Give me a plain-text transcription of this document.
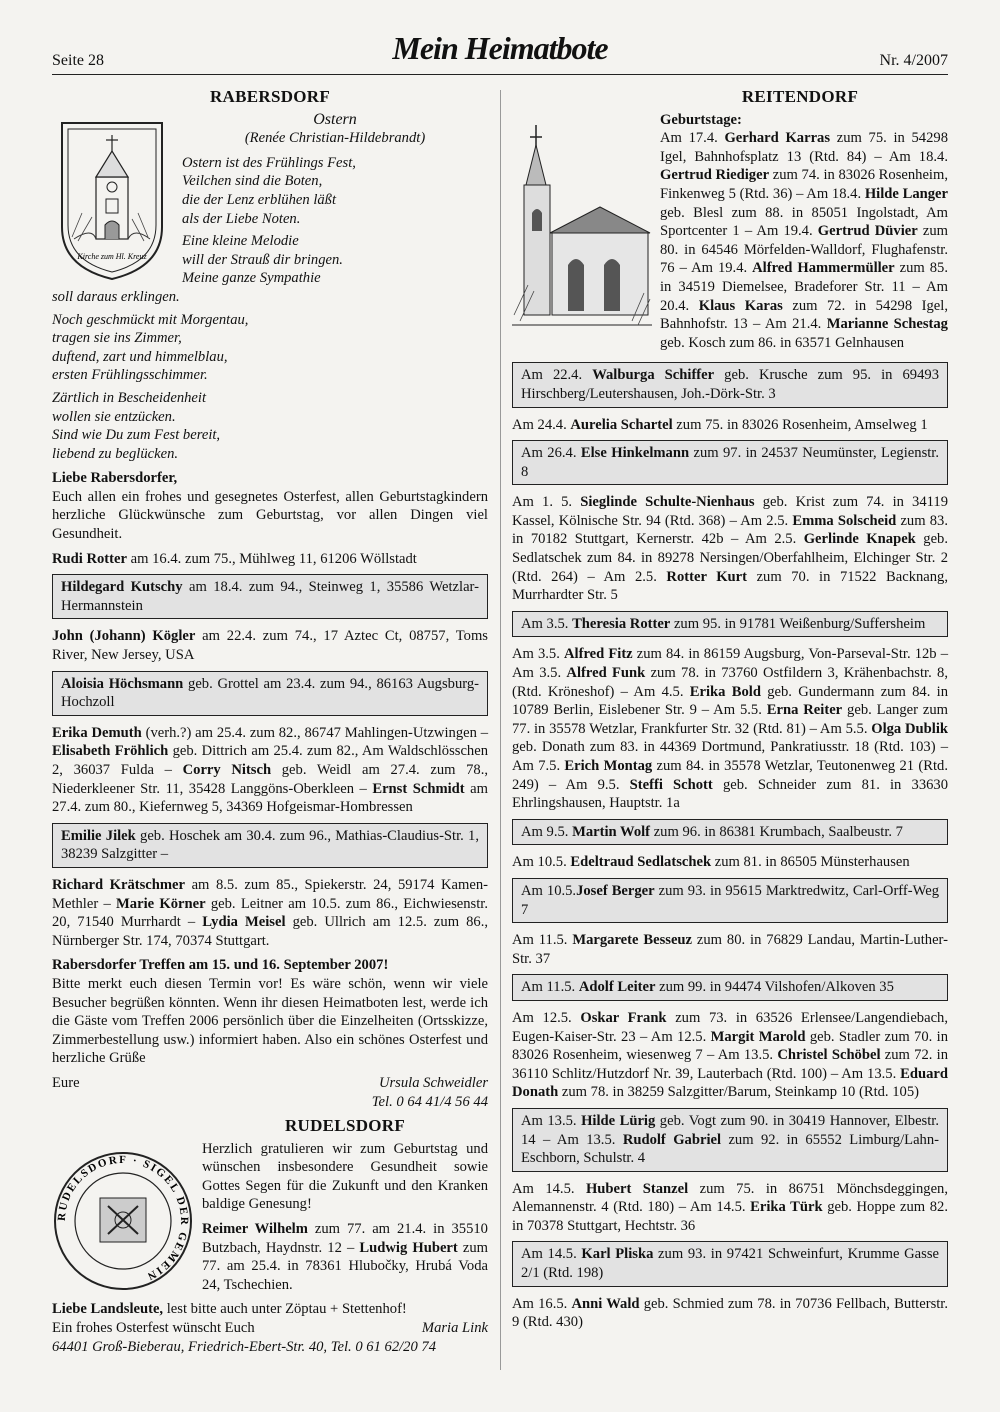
Seite 28	Mein Heimatbote	Nr. 4/2007
RABERSDORF
Kirche zum Hl. Kreuz

Ostern

(Renée Christian-Hildebrandt)

Ostern ist des Frühlings Fest,
Veilchen sind die Boten,
die der Lenz erblühen läßt
als der Liebe Noten.
Eine kleine Melodie
will der Strauß dir bringen.
Meine ganze Sympathie
soll daraus erklingen.
Noch geschmückt mit Morgentau,
tragen sie ins Zimmer,
duftend, zart und himmelblau,
ersten Frühlingsschimmer.
Zärtlich in Bescheidenheit
wollen sie entzücken.
Sind wie Du zum Fest bereit,
liebend zu beglücken.

Liebe Rabersdorfer,
Euch allen ein frohes und gesegnetes Osterfest, allen Geburtstagkindern herzliche Glückwünsche zum Geburtstag, vor allen Dingen viel Gesundheit.

Rudi Rotter am 16.4. zum 75., Mühlweg 11, 61206 Wöllstadt

Hildegard Kutschy am 18.4. zum 94., Steinweg 1, 35586 Wetzlar-Hermannstein

John (Johann) Kögler am 22.4. zum 74., 17 Aztec Ct, 08757, Toms River, New Jersey, USA

Aloisia Höchsmann geb. Grottel am 23.4. zum 94., 86163 Augsburg-Hochzoll

Erika Demuth (verh.?) am 25.4. zum 82., 86747 Mahlingen-Utzwingen – Elisabeth Fröhlich geb. Dittrich am 25.4. zum 82., Am Waldschlösschen 2, 36037 Fulda – Corry Nitsch geb. Weidl am 27.4. zum 78., Niederkleener Str. 11, 35428 Langgöns-Oberkleen – Ernst Schmidt am 27.4. zum 80., Kiefernweg 5, 34369 Hofgeismar-Hombressen

Emilie Jilek geb. Hoschek am 30.4. zum 96., Mathias-Claudius-Str. 1, 38239 Salzgitter –

Richard Krätschmer am 8.5. zum 85., Spiekerstr. 24, 59174 Kamen-Methler – Marie Körner geb. Leitner am 10.5. zum 86., Eichwiesenstr. 20, 71540 Murrhardt – Lydia Meisel geb. Ullrich am 12.5. zum 86., Nürnberger Str. 174, 70374 Stuttgart.

Rabersdorfer Treffen am 15. und 16. September 2007!
Bitte merkt euch diesen Termin vor! Es wäre schön, wenn wir viele Besucher begrüßen könnten. Wenn ihr diesen Heimatboten lest, werde ich die Gäste vom Treffen 2006 persönlich über die Einzelheiten (Ortsskizze, Zimmerbestellung usw.) informiert haben. Also ein schönes Osterfest und herzliche Grüße

Eure	Ursula Schweidler
Tel. 0 64 41/4 56 44
RUDELSDORF
RUDELSDORF · SIGEL DER GEMEIN

Herzlich gratulieren wir zum Geburtstag und wünschen insbesondere Gesundheit sowie Gottes Segen für die Zukunft und den Kranken baldige Genesung!

Reimer Wilhelm zum 77. am 21.4. in 35510 Butzbach, Haydnstr. 12 – Ludwig Hubert zum 77. am 25.4. in 78361 Hlubočky, Hrubá Voda 24, Tschechien.

Liebe Landsleute, lest bitte auch unter Zöptau + Stettenhof!
Ein frohes Osterfest wünscht Euch	Maria Link
64401 Groß-Bieberau, Friedrich-Ebert-Str. 40, Tel. 0 61 62/20 74
REITENDORF
Geburtstage:

Am 17.4. Gerhard Karras zum 75. in 54298 Igel, Bahnhofsplatz 13 (Rtd. 84) – Am 18.4. Gertrud Riediger zum 74. in 83026 Rosenheim, Finkenweg 5 (Rtd. 36) – Am 18.4. Hilde Langer geb. Blesl zum 88. in 85051 Ingolstadt, Am Sportcenter 1 – Am 19.4. Gertrud Düvier zum 80. in 64546 Mörfelden-Walldorf, Flughafenstr. 76 – Am 19.4. Alfred Hammermüller zum 85. in 34519 Diemelsee, Bradeforer Str. 11 – Am 20.4. Klaus Karas zum 72. in 54298 Igel, Bahnhofstr. 13 – Am 21.4. Marianne Schestag geb. Kosch zum 86. in 63571 Gelnhausen

Am 22.4. Walburga Schiffer geb. Krusche zum 95. in 69493 Hirschberg/Leutershausen, Joh.-Dörk-Str. 3

Am 24.4. Aurelia Schartel zum 75. in 83026 Rosenheim, Amselweg 1

Am 26.4. Else Hinkelmann zum 97. in 24537 Neumünster, Legienstr. 8

Am 1. 5. Sieglinde Schulte-Nienhaus geb. Krist zum 74. in 34119 Kassel, Kölnische Str. 94 (Rtd. 368) – Am 2.5. Emma Solscheid zum 83. in 70182 Stuttgart, Kernerstr. 42b – Am 2.5. Gerlinde Knapek geb. Sedlatschek zum 84. in 89278 Nersingen/Oberfahlheim, Elchinger Str. 2 (Rtd. 264) – Am 2.5. Rotter Kurt zum 70. in 71522 Backnang, Murrhardter Str. 5

Am 3.5. Theresia Rotter zum 95. in 91781 Weißenburg/Suffersheim

Am 3.5. Alfred Fitz zum 84. in 86159 Augsburg, Von-Parseval-Str. 12b – Am 3.5. Alfred Funk zum 78. in 73760 Ostfildern 3, Krähenbachstr. 8, (Rtd. Kröneshof) – Am 4.5. Erika Bold geb. Gundermann zum 84. in 10789 Berlin, Eislebener Str. 9 – Am 5.5. Erna Reiter geb. Langer zum 77. in 35578 Wetzlar, Frankfurter Str. 32 (Rtd. 81) – Am 5.5. Olga Dublik geb. Donath zum 83. in 44369 Dortmund, Pankratiusstr. 18 (Rtd. 103) – Am 7.5. Erich Montag zum 84. in 35578 Wetzlar, Teutonenweg 21 (Rtd. 249) – Am 9.5. Steffi Schott geb. Schneider zum 81. in 33630 Ehrlingshausen, Hauptstr. 1a

Am 9.5. Martin Wolf zum 96. in 86381 Krumbach, Saalbeustr. 7

Am 10.5. Edeltraud Sedlatschek zum 81. in 86505 Münsterhausen

Am 10.5.Josef Berger zum 93. in 95615 Marktredwitz, Carl-Orff-Weg 7

Am 11.5. Margarete Besseuz zum 80. in 76829 Landau, Martin-Luther-Str. 37

Am 11.5. Adolf Leiter zum 99. in 94474 Vilshofen/Alkoven 35

Am 12.5. Oskar Frank zum 73. in 63526 Erlensee/Langendiebach, Eugen-Kaiser-Str. 23 – Am 12.5. Margit Marold geb. Stadler zum 70. in 83026 Rosenheim, wiesenweg 7 – Am 13.5. Christel Schöbel zum 72. in 36110 Schlitz/Hutzdorf Nr. 39, Lauterbach (Rtd. 100) – Am 13.5. Eduard Donath zum 78. in 38259 Salzgitter/Barum, Steinkamp 10 (Rtd. 105)

Am 13.5. Hilde Lürig geb. Vogt zum 90. in 30419 Hannover, Elbestr. 14 – Am 13.5. Rudolf Gabriel zum 92. in 65552 Limburg/Lahn-Eschborn, Schulstr. 4

Am 14.5. Hubert Stanzel zum 75. in 86751 Mönchsdeggingen, Alemannenstr. 4 (Rtd. 180) – Am 14.5. Erika Türk geb. Hoppe zum 82. in 70378 Stuttgart, Hechtstr. 36

Am 14.5. Karl Pliska zum 93. in 97421 Schweinfurt, Krumme Gasse 2/1 (Rtd. 198)

Am 16.5. Anni Wald geb. Schmied zum 78. in 70736 Fellbach, Butterstr. 9 (Rtd. 430)
